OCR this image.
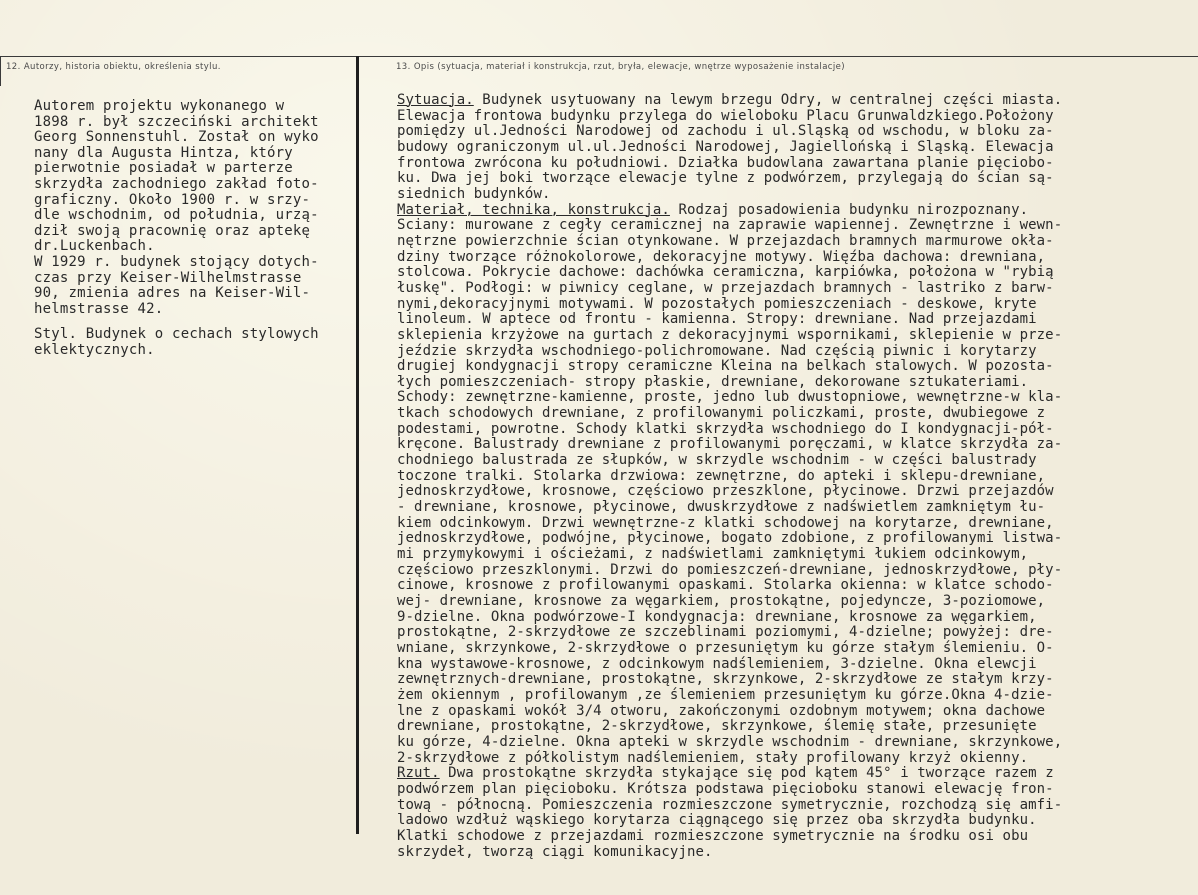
12. Autorzy, historia obiektu, określenia stylu.	13. Opis (sytuacja, materiał i konstrukcja, rzut, bryła, elewacje, wnętrze wyposażenie instalacje)
Autorem projektu wykonanego w
1898 r. był szczeciński architekt
Georg Sonnenstuhl. Został on wyko
nany dla Augusta Hintza, który
pierwotnie posiadał w parterze
skrzydła zachodniego zakład foto-
graficzny. Około 1900 r. w srzy-
dle wschodnim, od południa, urzą-
dził swoją pracownię oraz aptekę
dr.Luckenbach.
W 1929 r. budynek stojący dotych-
czas przy Keiser-Wilhelmstrasse
90, zmienia adres na Keiser-Wil-
helmstrasse 42.
Styl. Budynek o cechach stylowych
eklektycznych.
Sytuacja. Budynek usytuowany na lewym brzegu Odry, w centralnej części miasta.
Elewacja frontowa budynku przylega do wieloboku Placu Grunwaldzkiego.Położony
pomiędzy ul.Jedności Narodowej od zachodu i ul.Sląską od wschodu, w bloku za-
budowy ograniczonym ul.ul.Jedności Narodowej, Jagiellońską i Sląską. Elewacja
frontowa zwrócona ku południowi. Działka budowlana zawartana planie pięciobo-
ku. Dwa jej boki tworzące elewacje tylne z podwórzem, przylegają do ścian są-
siednich budynków.
Materiał, technika, konstrukcja. Rodzaj posadowienia budynku nirozpoznany.
Sciany: murowane z cegły ceramicznej na zaprawie wapiennej. Zewnętrzne i wewn-
nętrzne powierzchnie ścian otynkowane. W przejazdach bramnych marmurowe okła-
dziny tworzące różnokolorowe, dekoracyjne motywy. Więźba dachowa: drewniana,
stolcowa. Pokrycie dachowe: dachówka ceramiczna, karpiówka, położona w "rybią
łuskę". Podłogi: w piwnicy ceglane, w przejazdach bramnych - lastriko z barw-
nymi,dekoracyjnymi motywami. W pozostałych pomieszczeniach - deskowe, kryte
linoleum. W aptece od frontu - kamienna. Stropy: drewniane. Nad przejazdami
sklepienia krzyżowe na gurtach z dekoracyjnymi wspornikami, sklepienie w prze-
jeździe skrzydła wschodniego-polichromowane. Nad częścią piwnic i korytarzy
drugiej kondygnacji stropy ceramiczne Kleina na belkach stalowych. W pozosta-
łych pomieszczeniach- stropy płaskie, drewniane, dekorowane sztukateriami.
Schody: zewnętrzne-kamienne, proste, jedno lub dwustopniowe, wewnętrzne-w kla-
tkach schodowych drewniane, z profilowanymi policzkami, proste, dwubiegowe z
podestami, powrotne. Schody klatki skrzydła wschodniego do I kondygnacji-pół-
kręcone. Balustrady drewniane z profilowanymi poręczami, w klatce skrzydła za-
chodniego balustrada ze słupków, w skrzydle wschodnim - w części balustrady
toczone tralki. Stolarka drzwiowa: zewnętrzne, do apteki i sklepu-drewniane,
jednoskrzydłowe, krosnowe, częściowo przeszklone, płycinowe. Drzwi przejazdów
- drewniane, krosnowe, płycinowe, dwuskrzydłowe z nadświetlem zamkniętym łu-
kiem odcinkowym. Drzwi wewnętrzne-z klatki schodowej na korytarze, drewniane,
jednoskrzydłowe, podwójne, płycinowe, bogato zdobione, z profilowanymi listwa-
mi przymykowymi i ościeżami, z nadświetlami zamkniętymi łukiem odcinkowym,
częściowo przeszklonymi. Drzwi do pomieszczeń-drewniane, jednoskrzydłowe, pły-
cinowe, krosnowe z profilowanymi opaskami. Stolarka okienna: w klatce schodo-
wej- drewniane, krosnowe za węgarkiem, prostokątne, pojedyncze, 3-poziomowe,
9-dzielne. Okna podwórzowe-I kondygnacja: drewniane, krosnowe za węgarkiem,
prostokątne, 2-skrzydłowe ze szczeblinami poziomymi, 4-dzielne; powyżej: dre-
wniane, skrzynkowe, 2-skrzydłowe o przesuniętym ku górze stałym ślemieniu. O-
kna wystawowe-krosnowe, z odcinkowym nadślemieniem, 3-dzielne. Okna elewcji
zewnętrznych-drewniane, prostokątne, skrzynkowe, 2-skrzydłowe ze stałym krzy-
żem okiennym , profilowanym ,ze ślemieniem przesuniętym ku górze.Okna 4-dzie-
lne z opaskami wokół 3/4 otworu, zakończonymi ozdobnym motywem; okna dachowe
drewniane, prostokątne, 2-skrzydłowe, skrzynkowe, ślemię stałe, przesunięte
ku górze, 4-dzielne. Okna apteki w skrzydle wschodnim - drewniane, skrzynkowe,
2-skrzydłowe z półkolistym nadślemieniem, stały profilowany krzyż okienny.
Rzut. Dwa prostokątne skrzydła stykające się pod kątem 45° i tworzące razem z
podwórzem plan pięcioboku. Krótsza podstawa pięcioboku stanowi elewację fron-
tową - północną. Pomieszczenia rozmieszczone symetrycznie, rozchodzą się amfi-
ladowo wzdłuż wąskiego korytarza ciągnącego się przez oba skrzydła budynku.
Klatki schodowe z przejazdami rozmieszczone symetrycznie na środku osi obu
skrzydeł, tworzą ciągi komunikacyjne.
